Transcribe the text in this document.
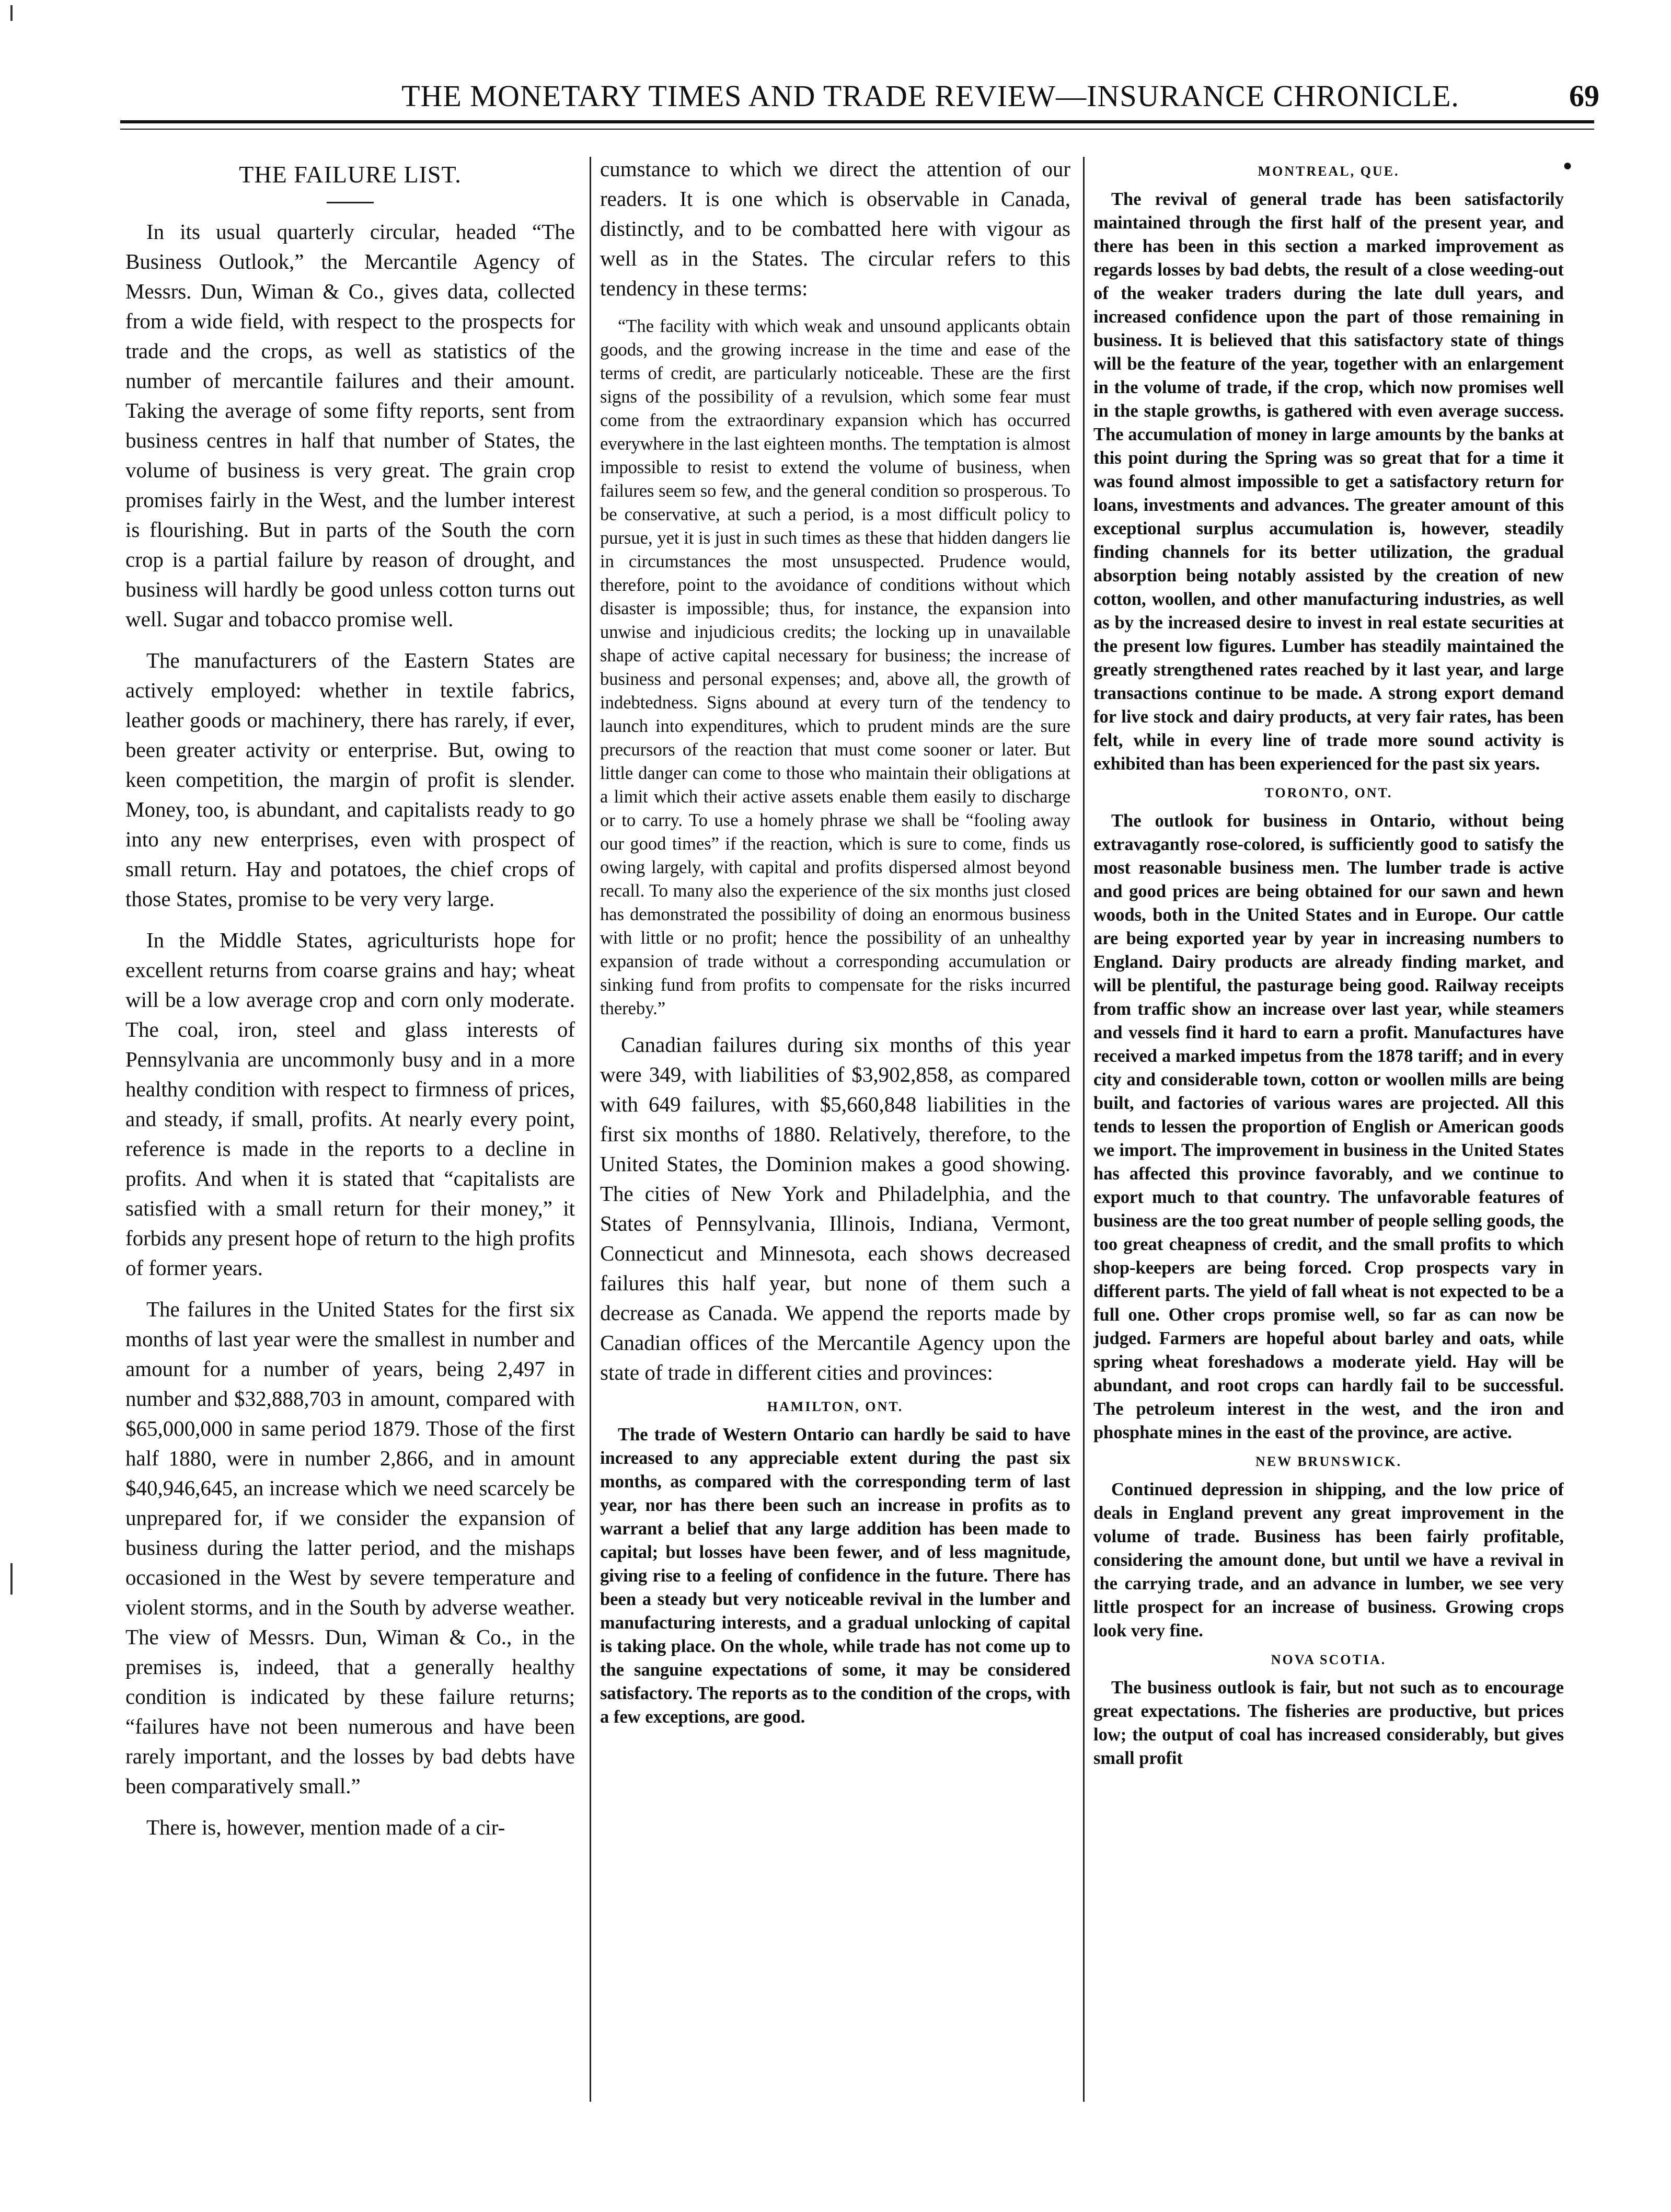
THE MONETARY TIMES AND TRADE REVIEW—INSURANCE CHRONICLE.	69
●
THE FAILURE LIST.

In its usual quarterly circular, headed “The Business Outlook,” the Mercantile Agency of Messrs. Dun, Wiman & Co., gives data, collected from a wide field, with respect to the prospects for trade and the crops, as well as statistics of the number of mercantile failures and their amount. Taking the average of some fifty reports, sent from business centres in half that number of States, the volume of business is very great. The grain crop promises fairly in the West, and the lumber interest is flourishing. But in parts of the South the corn crop is a partial failure by reason of drought, and business will hardly be good unless cotton turns out well. Sugar and tobacco promise well.

The manufacturers of the Eastern States are actively employed: whether in textile fabrics, leather goods or machinery, there has rarely, if ever, been greater activity or enterprise. But, owing to keen competition, the margin of profit is slender. Money, too, is abundant, and capitalists ready to go into any new enterprises, even with prospect of small return. Hay and potatoes, the chief crops of those States, promise to be very very large.

In the Middle States, agriculturists hope for excellent returns from coarse grains and hay; wheat will be a low average crop and corn only moderate. The coal, iron, steel and glass interests of Pennsylvania are uncommonly busy and in a more healthy condition with respect to firmness of prices, and steady, if small, profits. At nearly every point, reference is made in the reports to a decline in profits. And when it is stated that “capitalists are satisfied with a small return for their money,” it forbids any present hope of return to the high profits of former years.

The failures in the United States for the first six months of last year were the smallest in number and amount for a number of years, being 2,497 in number and $32,888,703 in amount, compared with $65,000,000 in same period 1879. Those of the first half 1880, were in number 2,866, and in amount $40,946,645, an increase which we need scarcely be unprepared for, if we consider the expansion of business during the latter period, and the mishaps occasioned in the West by severe temperature and violent storms, and in the South by adverse weather. The view of Messrs. Dun, Wiman & Co., in the premises is, indeed, that a generally healthy condition is indicated by these failure returns; “failures have not been numerous and have been rarely important, and the losses by bad debts have been comparatively small.”

There is, however, mention made of a cir-

cumstance to which we direct the attention of our readers. It is one which is observable in Canada, distinctly, and to be combatted here with vigour as well as in the States. The circular refers to this tendency in these terms:

“The facility with which weak and unsound applicants obtain goods, and the growing increase in the time and ease of the terms of credit, are particularly noticeable. These are the first signs of the possibility of a revulsion, which some fear must come from the extraordinary expansion which has occurred everywhere in the last eighteen months. The temptation is almost impossible to resist to extend the volume of business, when failures seem so few, and the general condition so prosperous. To be conservative, at such a period, is a most difficult policy to pursue, yet it is just in such times as these that hidden dangers lie in circumstances the most unsuspected. Prudence would, therefore, point to the avoidance of conditions without which disaster is impossible; thus, for instance, the expansion into unwise and injudicious credits; the locking up in unavailable shape of active capital necessary for business; the increase of business and personal expenses; and, above all, the growth of indebtedness. Signs abound at every turn of the tendency to launch into expenditures, which to prudent minds are the sure precursors of the reaction that must come sooner or later. But little danger can come to those who maintain their obligations at a limit which their active assets enable them easily to discharge or to carry. To use a homely phrase we shall be “fooling away our good times” if the reaction, which is sure to come, finds us owing largely, with capital and profits dispersed almost beyond recall. To many also the experience of the six months just closed has demonstrated the possibility of doing an enormous business with little or no profit; hence the possibility of an unhealthy expansion of trade without a corresponding accumulation or sinking fund from profits to compensate for the risks incurred thereby.”

Canadian failures during six months of this year were 349, with liabilities of $3,902,858, as compared with 649 failures, with $5,660,848 liabilities in the first six months of 1880. Relatively, therefore, to the United States, the Dominion makes a good showing. The cities of New York and Philadelphia, and the States of Pennsylvania, Illinois, Indiana, Vermont, Connecticut and Minnesota, each shows decreased failures this half year, but none of them such a decrease as Canada. We append the reports made by Canadian offices of the Mercantile Agency upon the state of trade in different cities and provinces:

HAMILTON, ONT.

The trade of Western Ontario can hardly be said to have increased to any appreciable extent during the past six months, as compared with the corresponding term of last year, nor has there been such an increase in profits as to warrant a belief that any large addition has been made to capital; but losses have been fewer, and of less magnitude, giving rise to a feeling of confidence in the future. There has been a steady but very noticeable revival in the lumber and manufacturing interests, and a gradual unlocking of capital is taking place. On the whole, while trade has not come up to the sanguine expectations of some, it may be considered satisfactory. The reports as to the condition of the crops, with a few exceptions, are good.

MONTREAL, QUE.

The revival of general trade has been satisfactorily maintained through the first half of the present year, and there has been in this section a marked improvement as regards losses by bad debts, the result of a close weeding-out of the weaker traders during the late dull years, and increased confidence upon the part of those remaining in business. It is believed that this satisfactory state of things will be the feature of the year, together with an enlargement in the volume of trade, if the crop, which now promises well in the staple growths, is gathered with even average success. The accumulation of money in large amounts by the banks at this point during the Spring was so great that for a time it was found almost impossible to get a satisfactory return for loans, investments and advances. The greater amount of this exceptional surplus accumulation is, however, steadily finding channels for its better utilization, the gradual absorption being notably assisted by the creation of new cotton, woollen, and other manufacturing industries, as well as by the increased desire to invest in real estate securities at the present low figures. Lumber has steadily maintained the greatly strengthened rates reached by it last year, and large transactions continue to be made. A strong export demand for live stock and dairy products, at very fair rates, has been felt, while in every line of trade more sound activity is exhibited than has been experienced for the past six years.

TORONTO, ONT.

The outlook for business in Ontario, without being extravagantly rose-colored, is sufficiently good to satisfy the most reasonable business men. The lumber trade is active and good prices are being obtained for our sawn and hewn woods, both in the United States and in Europe. Our cattle are being exported year by year in increasing numbers to England. Dairy products are already finding market, and will be plentiful, the pasturage being good. Railway receipts from traffic show an increase over last year, while steamers and vessels find it hard to earn a profit. Manufactures have received a marked impetus from the 1878 tariff; and in every city and considerable town, cotton or woollen mills are being built, and factories of various wares are projected. All this tends to lessen the proportion of English or American goods we import. The improvement in business in the United States has affected this province favorably, and we continue to export much to that country. The unfavorable features of business are the too great number of people selling goods, the too great cheapness of credit, and the small profits to which shop-keepers are being forced. Crop prospects vary in different parts. The yield of fall wheat is not expected to be a full one. Other crops promise well, so far as can now be judged. Farmers are hopeful about barley and oats, while spring wheat foreshadows a moderate yield. Hay will be abundant, and root crops can hardly fail to be successful. The petroleum interest in the west, and the iron and phosphate mines in the east of the province, are active.

NEW BRUNSWICK.

Continued depression in shipping, and the low price of deals in England prevent any great improvement in the volume of trade. Business has been fairly profitable, considering the amount done, but until we have a revival in the carrying trade, and an advance in lumber, we see very little prospect for an increase of business. Growing crops look very fine.

NOVA SCOTIA.

The business outlook is fair, but not such as to encourage great expectations. The fisheries are productive, but prices low; the output of coal has increased considerably, but gives small profit
